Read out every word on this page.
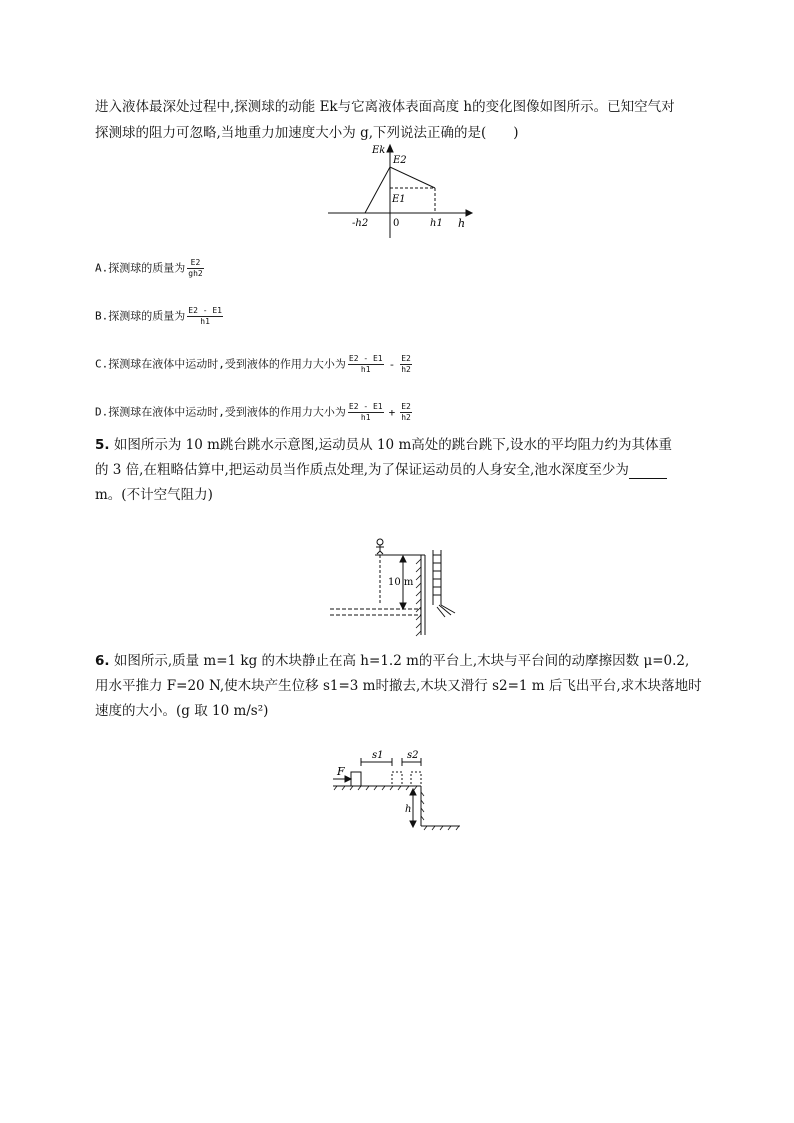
进入液体最深处过程中,探测球的动能 Ek与它离液体表面高度 h的变化图像如图所示。已知空气对
探测球的阻力可忽略,当地重力加速度大小为 g,下列说法正确的是(　　)
Ek
E2
E1
-h2 0	h1 h
A.探测球的质量为 $\frac{E2}{gh2}$
B.探测球的质量为 $\frac{E2 - E1}{h1}$
C.探测球在液体中运动时,受到液体的作用力大小为 $\frac{E2 - E1}{h1} - \frac{E2}{h2}$
D.探测球在液体中运动时,受到液体的作用力大小为 $\frac{E2 - E1}{h1} + \frac{E2}{h2}$
5. 如图所示为 10 m跳台跳水示意图,运动员从 10 m高处的跳台跳下,设水的平均阻力约为其体重
的 3 倍,在粗略估算中,把运动员当作质点处理,为了保证运动员的人身安全,池水深度至少为
m。(不计空气阻力)
10 m
6. 如图所示,质量 m=1 kg 的木块静止在高 h=1.2 m的平台上,木块与平台间的动摩擦因数 μ=0.2,
用水平推力 F=20 N,使木块产生位移 s1=3 m时撤去,木块又滑行 s2=1 m 后飞出平台,求木块落地时
速度的大小。(g 取 10 m/s²)
F
s1 s2
h
